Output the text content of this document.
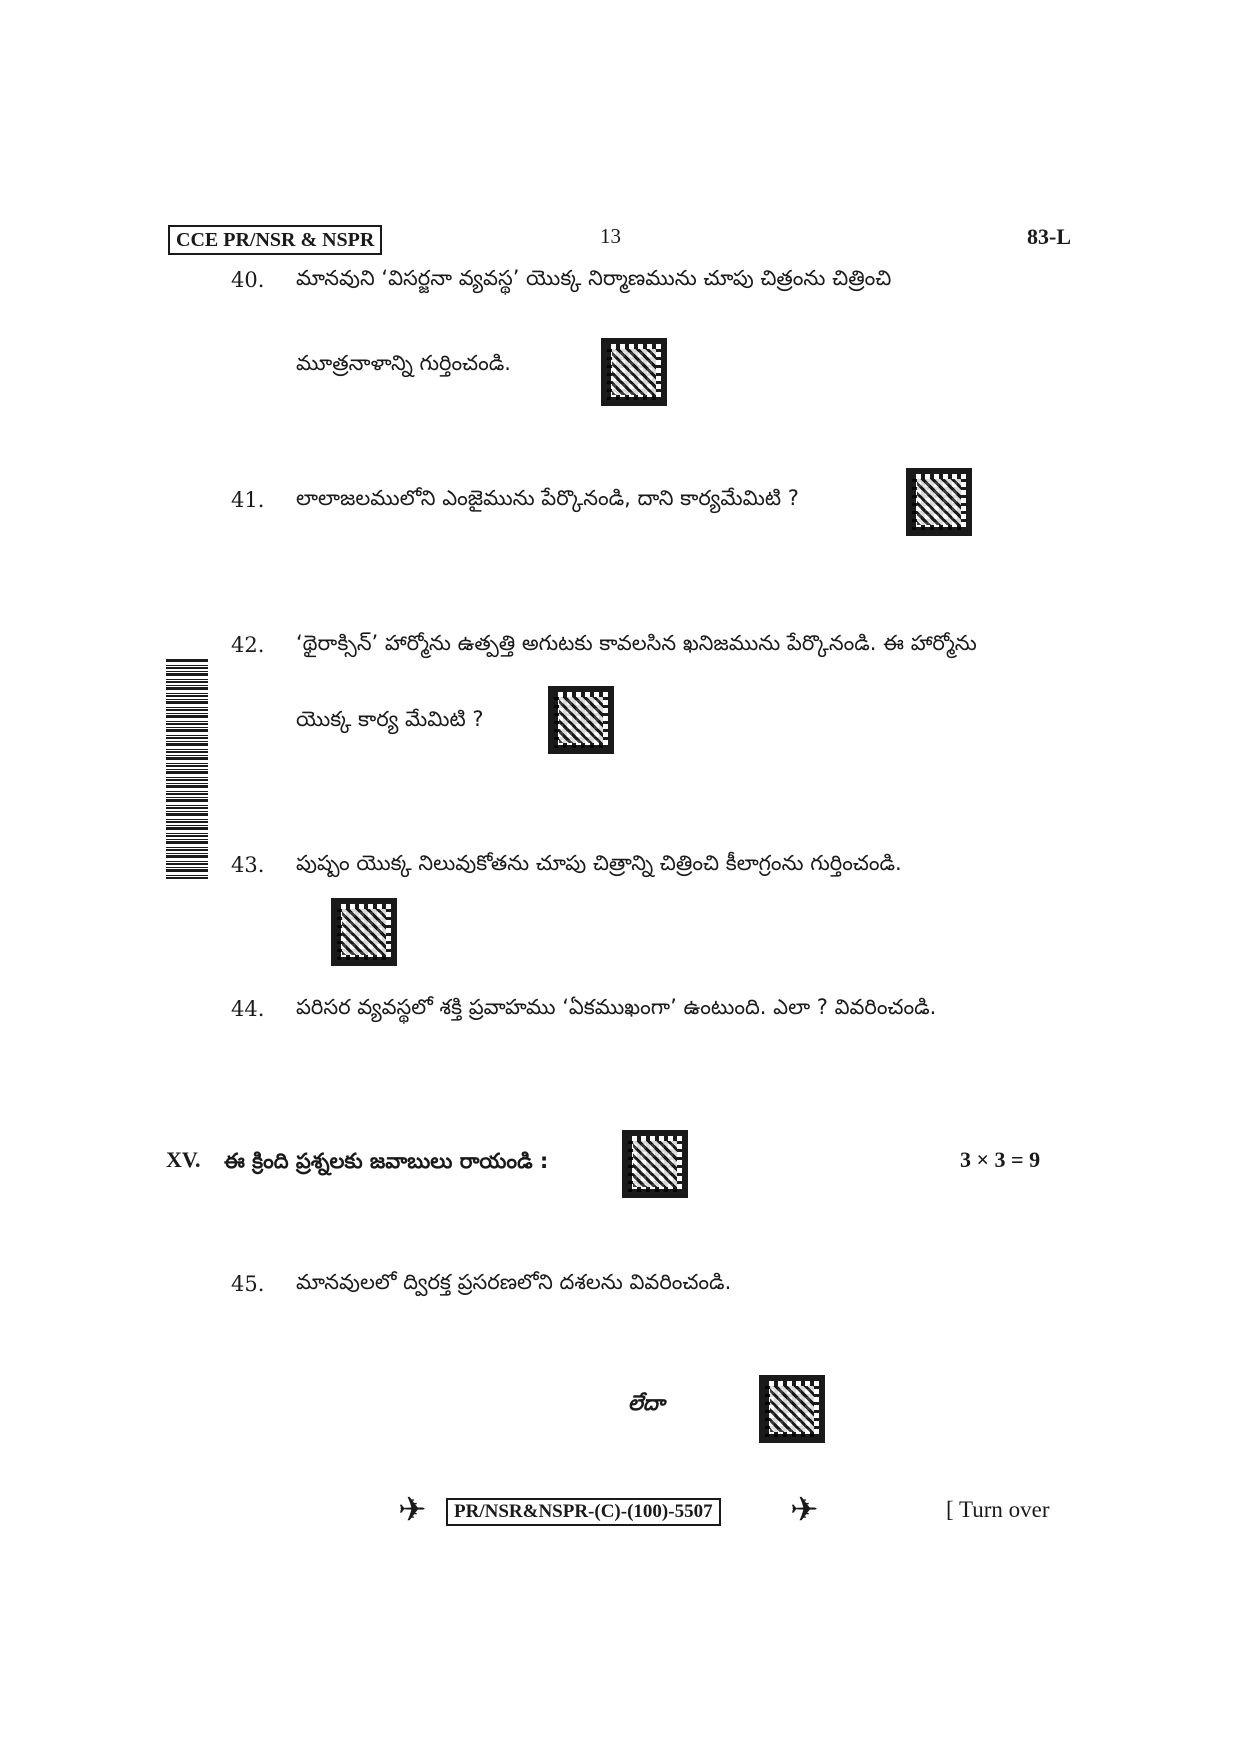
CCE PR/NSR & NSPR	13	83-L
40. మానవుని ‘విసర్జనా వ్యవస్థ’ యొక్క నిర్మాణమును చూపు చిత్రంను చిత్రించి
మూత్రనాళాన్ని గుర్తించండి.
41. లాలాజలములోని ఎంజైమును పేర్కొనండి, దాని కార్యమేమిటి ?
42. ‘థైరాక్సిన్’ హార్మోను ఉత్పత్తి అగుటకు కావలసిన ఖనిజమును పేర్కొనండి. ఈ హార్మోను
యొక్క కార్య మేమిటి ?
43. పుష్పం యొక్క నిలువుకోతను చూపు చిత్రాన్ని చిత్రించి కీలాగ్రంను గుర్తించండి.
44. పరిసర వ్యవస్థలో శక్తి ప్రవాహము ‘ఏకముఖంగా’ ఉంటుంది. ఎలా ? వివరించండి.
XV. ఈ క్రింది ప్రశ్నలకు జవాబులు రాయండి :	3 × 3 = 9
45. మానవులలో ద్విరక్త ప్రసరణలోని దశలను వివరించండి.
లేదా
✈	PR/NSR&NSPR-(C)-(100)-5507 ✈	[ Turn over
